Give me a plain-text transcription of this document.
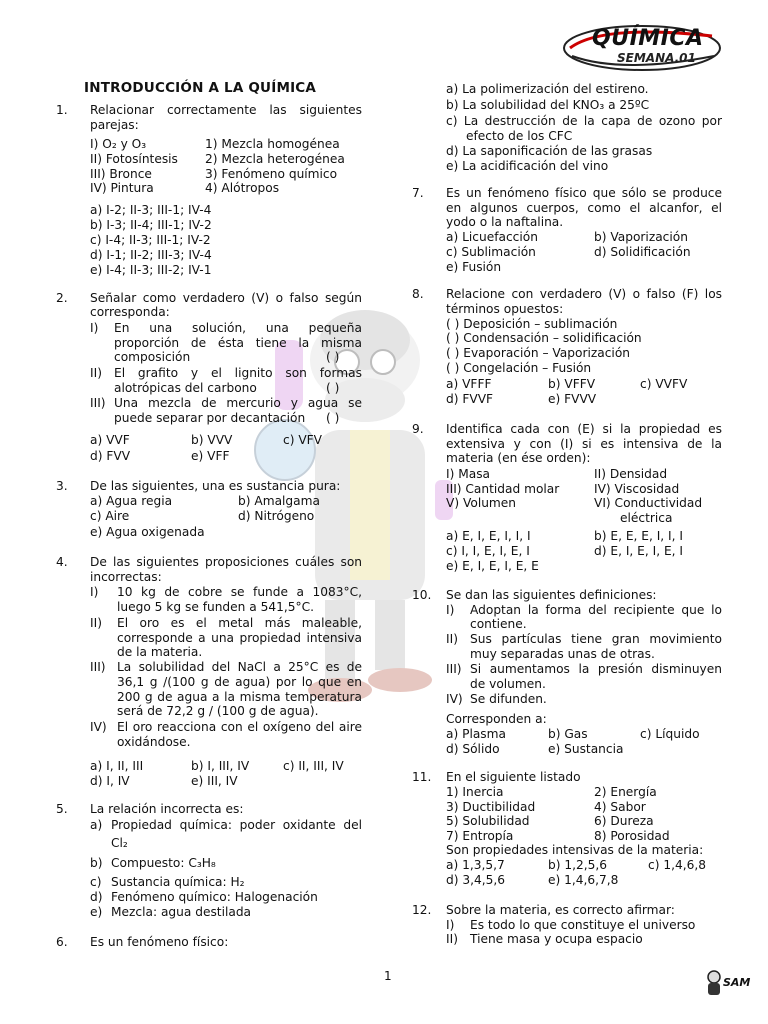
QUÍMICA
SEMANA.01
INTRODUCCIÓN A LA QUÍMICA
1. Relacionar correctamente las siguientes
parejas:
I) O₂ y O₃	1) Mezcla homogénea
II) Fotosíntesis 2) Mezcla heterogénea
III) Bronce	3) Fenómeno químico
IV) Pintura	4) Alótropos
a) I-2; II-3; III-1; IV-4
b) I-3; II-4; III-1; IV-2
c) I-4; II-3; III-1; IV-2
d) I-1; II-2; III-3; IV-4
e) I-4; II-3; III-2; IV-1
2. Señalar como verdadero (V) o falso según
corresponda:
I) En una solución, una pequeña
proporción de ésta tiene la misma
composición	( )
II) El grafito y el lignito son formas
alotrópicas del carbono	( )
III) Una mezcla de mercurio y agua se
puede separar por decantación ( )
a) VVF	b) VVV	c) VFV
d) FVV	e) VFF
3. De las siguientes, una es sustancia pura:
a) Agua regia	b) Amalgama
c) Aire	d) Nitrógeno
e) Agua oxigenada
4. De las siguientes proposiciones cuáles son
incorrectas:
I) 10 kg de cobre se funde a 1083°C,
luego 5 kg se funden a 541,5°C.
II) El oro es el metal más maleable,
corresponde a una propiedad intensiva
de la materia.
III) La solubilidad del NaCl a 25°C es de
36,1 g /(100 g de agua) por lo que en
200 g de agua a la misma temperatura
será de 72,2 g / (100 g de agua).
IV) El oro reacciona con el oxígeno del aire
oxidándose.
a) I, II, III	b) I, III, IV	c) II, III, IV
d) I, IV	e) III, IV
5. La relación incorrecta es:
a) Propiedad química: poder oxidante del
Cl₂
b) Compuesto: C₃H₈
c) Sustancia química: H₂
d) Fenómeno químico: Halogenación
e) Mezcla: agua destilada
6. Es un fenómeno físico:
a) La polimerización del estireno.
b) La solubilidad del KNO₃ a 25ºC
c) La destrucción de la capa de ozono por
efecto de los CFC
d) La saponificación de las grasas
e) La acidificación del vino
7. Es un fenómeno físico que sólo se produce
en algunos cuerpos, como el alcanfor, el
yodo o la naftalina.
a) Licuefacción	b) Vaporización
c) Sublimación	d) Solidificación
e) Fusión
8. Relacione con verdadero (V) o falso (F) los
términos opuestos:
( ) Deposición – sublimación
( ) Condensación – solidificación
( ) Evaporación – Vaporización
( ) Congelación – Fusión
a) VFFF	b) VFFV	c) VVFV
d) FVVF	e) FVVV
9. Identifica cada con (E) si la propiedad es
extensiva y con (I) si es intensiva de la
materia (en ése orden):
I) Masa	II) Densidad
III) Cantidad molar	IV) Viscosidad
V) Volumen	VI) Conductividad
eléctrica
a) E, I, E, I, I, I	b) E, E, E, I, I, I
c) I, I, E, I, E, I	d) E, I, E, I, E, I
e) E, I, E, I, E, E
10. Se dan las siguientes definiciones:
I) Adoptan la forma del recipiente que lo
contiene.
II) Sus partículas tiene gran movimiento
muy separadas unas de otras.
III) Si aumentamos la presión disminuyen
de volumen.
IV) Se difunden.
Corresponden a:
a) Plasma	b) Gas	c) Líquido
d) Sólido	e) Sustancia
11. En el siguiente listado
1) Inercia	2) Energía
3) Ductibilidad	4) Sabor
5) Solubilidad	6) Dureza
7) Entropía	8) Porosidad
Son propiedades intensivas de la materia:
a) 1,3,5,7	b) 1,2,5,6	c) 1,4,6,8
d) 3,4,5,6	e) 1,4,6,7,8
12. Sobre la materia, es correcto afirmar:
I) Es todo lo que constituye el universo
II) Tiene masa y ocupa espacio
1	SAM
